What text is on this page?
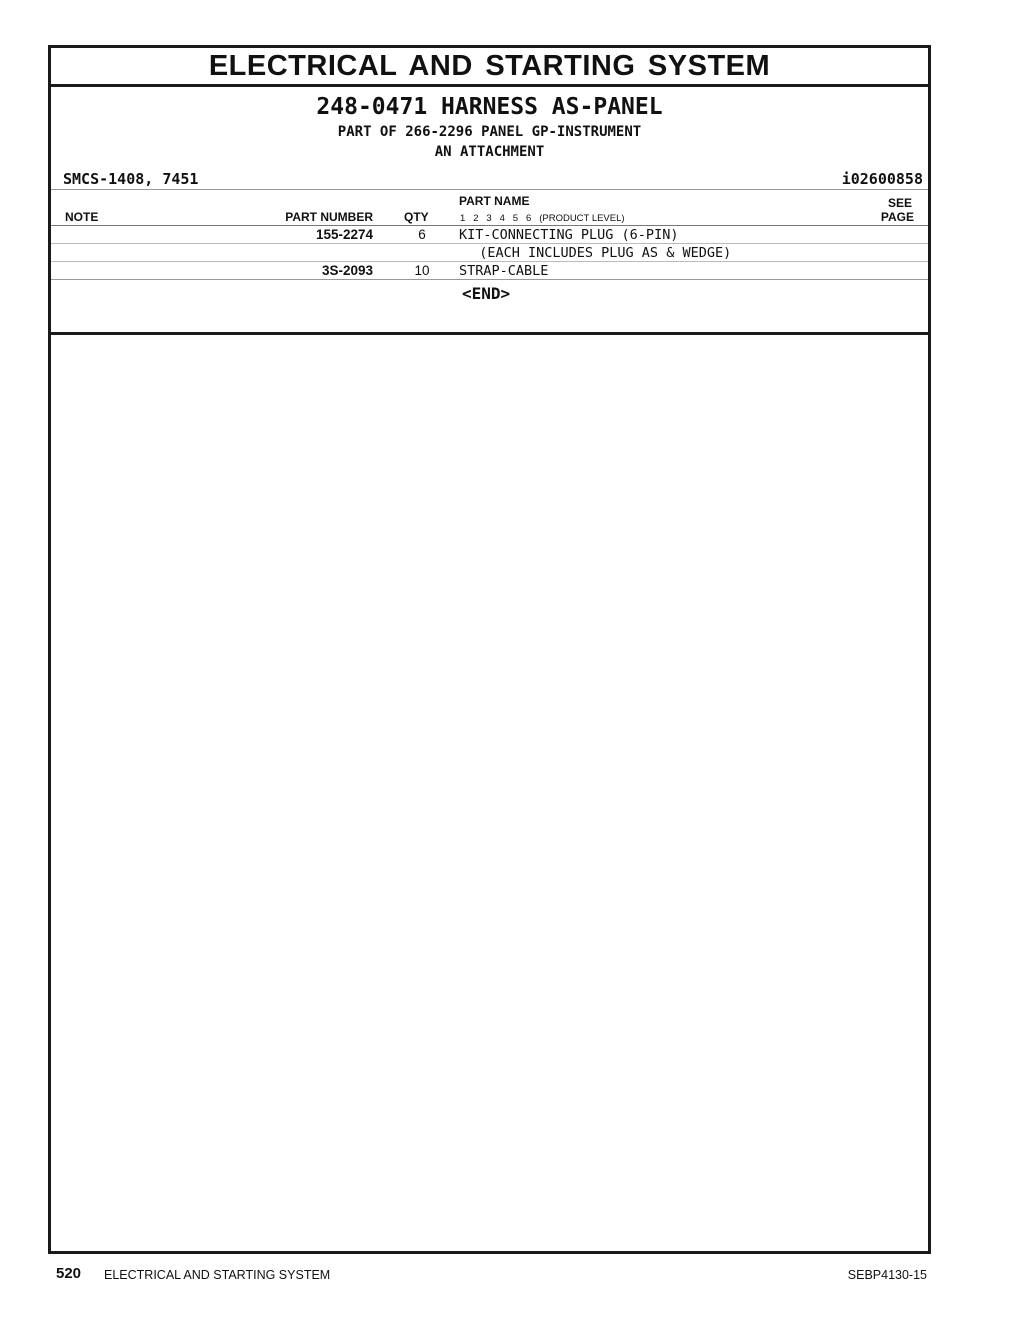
ELECTRICAL AND STARTING SYSTEM
248-0471 HARNESS AS-PANEL
PART OF 266-2296 PANEL GP-INSTRUMENT
AN ATTACHMENT
SMCS-1408, 7451	i02600858
PART NAME	SEE
NOTE	PART NUMBER	QTY	1   2   3   4   5   6   (PRODUCT LEVEL)	PAGE
155-2274	6	KIT-CONNECTING PLUG (6-PIN)
(EACH INCLUDES PLUG AS & WEDGE)
3S-2093	10	STRAP-CABLE
<END>
520 ELECTRICAL AND STARTING SYSTEM	SEBP4130-15
